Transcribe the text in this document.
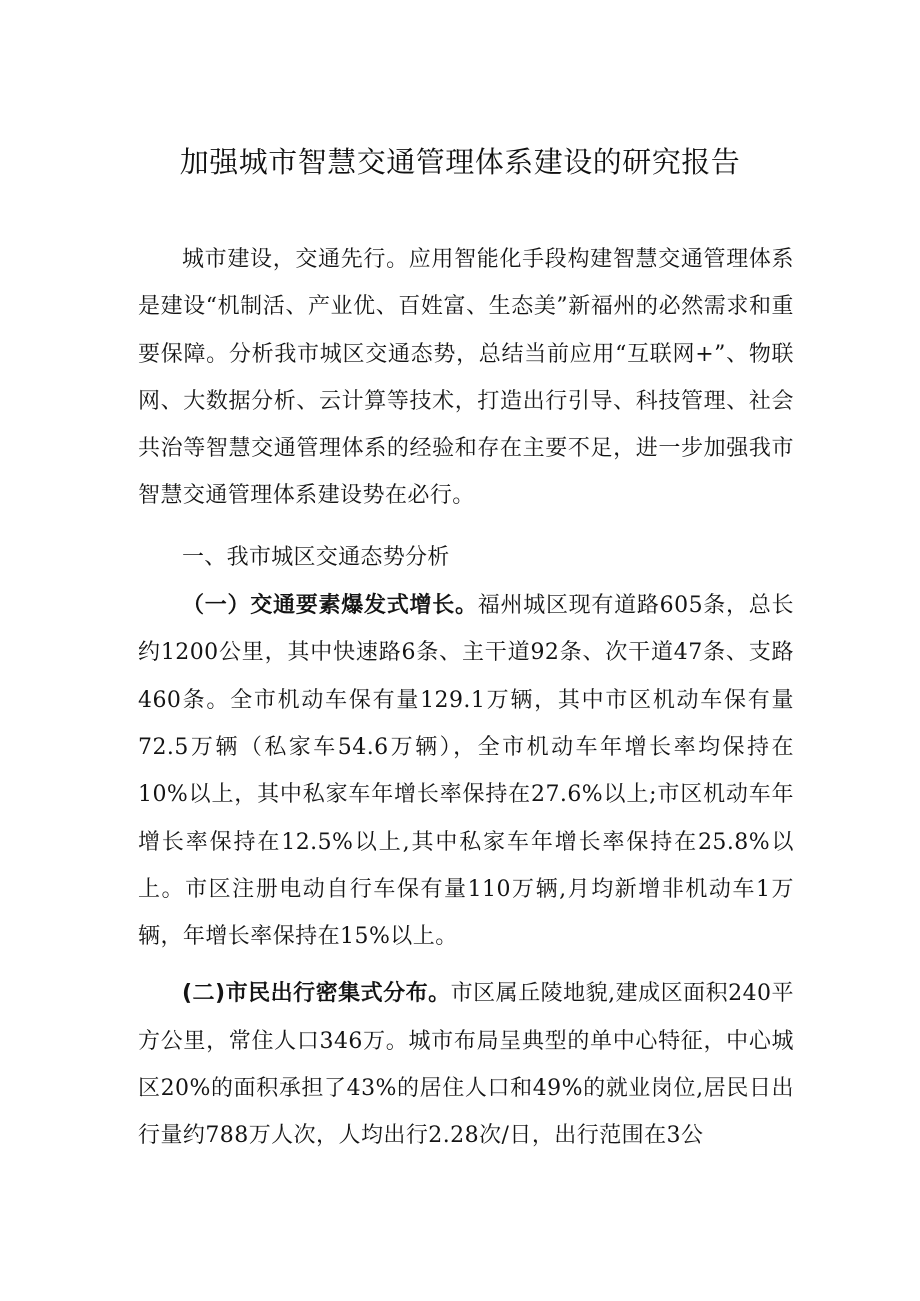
加强城市智慧交通管理体系建设的研究报告

城市建设，交通先行。应用智能化手段构建智慧交通管理体系是建设“机制活、产业优、百姓富、生态美”新福州的必然需求和重要保障。分析我市城区交通态势，总结当前应用“互联网+”、物联网、大数据分析、云计算等技术，打造出行引导、科技管理、社会共治等智慧交通管理体系的经验和存在主要不足，进一步加强我市智慧交通管理体系建设势在必行。

一、我市城区交通态势分析

（一）交通要素爆发式增长。福州城区现有道路605条，总长约1200公里，其中快速路6条、主干道92条、次干道47条、支路460条。全市机动车保有量129.1万辆，其中市区机动车保有量72.5万辆（私家车54.6万辆），全市机动车年增长率均保持在10%以上，其中私家车年增长率保持在27.6%以上;市区机动车年增长率保持在12.5%以上,其中私家车年增长率保持在25.8%以上。市区注册电动自行车保有量110万辆,月均新增非机动车1万辆，年增长率保持在15%以上。

(二)市民出行密集式分布。市区属丘陵地貌,建成区面积240平方公里，常住人口346万。城市布局呈典型的单中心特征，中心城区20%的面积承担了43%的居住人口和49%的就业岗位,居民日出行量约788万人次，人均出行2.28次/日，出行范围在3公
